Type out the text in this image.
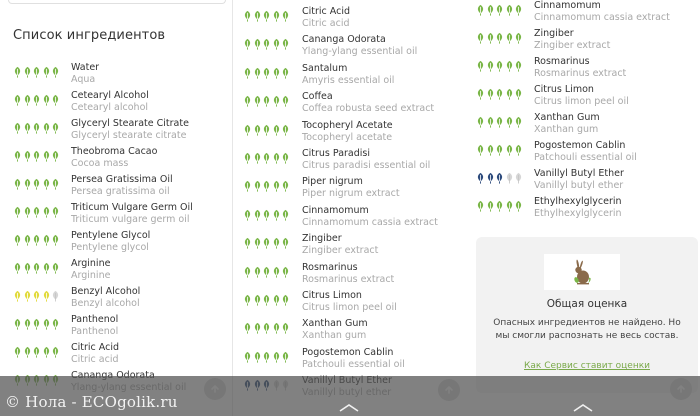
Список ингредиентов
Water
Aqua
Cetearyl Alcohol
Cetearyl alcohol
Glyceryl Stearate Citrate
Glyceryl stearate citrate
Theobroma Cacao
Cocoa mass
Persea Gratissima Oil
Persea gratissima oil
Triticum Vulgare Germ Oil
Triticum vulgare germ oil
Pentylene Glycol
Pentylene glycol
Arginine
Arginine
Benzyl Alcohol
Benzyl alcohol
Panthenol
Panthenol
Citric Acid
Citric acid
Citric Acid
Citric acid
Cananga Odorata
Ylang-ylang essential oil
Santalum
Amyris essential oil
Coffea
Coffea robusta seed extract
Tocopheryl Acetate
Tocopheryl acetate
Citrus Paradisi
Citrus paradisi essential oil
Piper nigrum
Piper nigrum extract
Cinnamomum
Cinnamomum cassia extract
Zingiber
Zingiber extract
Rosmarinus
Rosmarinus extract
Citrus Limon
Citrus limon peel oil
Xanthan Gum
Xanthan gum
Pogostemon Cablin
Patchouli essential oil
Cinnamomum
Cinnamomum cassia extract
Zingiber
Zingiber extract
Rosmarinus
Rosmarinus extract
Citrus Limon
Citrus limon peel oil
Xanthan Gum
Xanthan gum
Pogostemon Cablin
Patchouli essential oil
Vanillyl Butyl Ether
Vanillyl butyl ether
Ethylhexylglycerin
Ethylhexylglycerin
Общая оценка
Опасных ингредиентов не найдено. Но мы смогли распознать не весь состав.
Как Сервис ставит оценки
© Нола - ECOgolik.ru
